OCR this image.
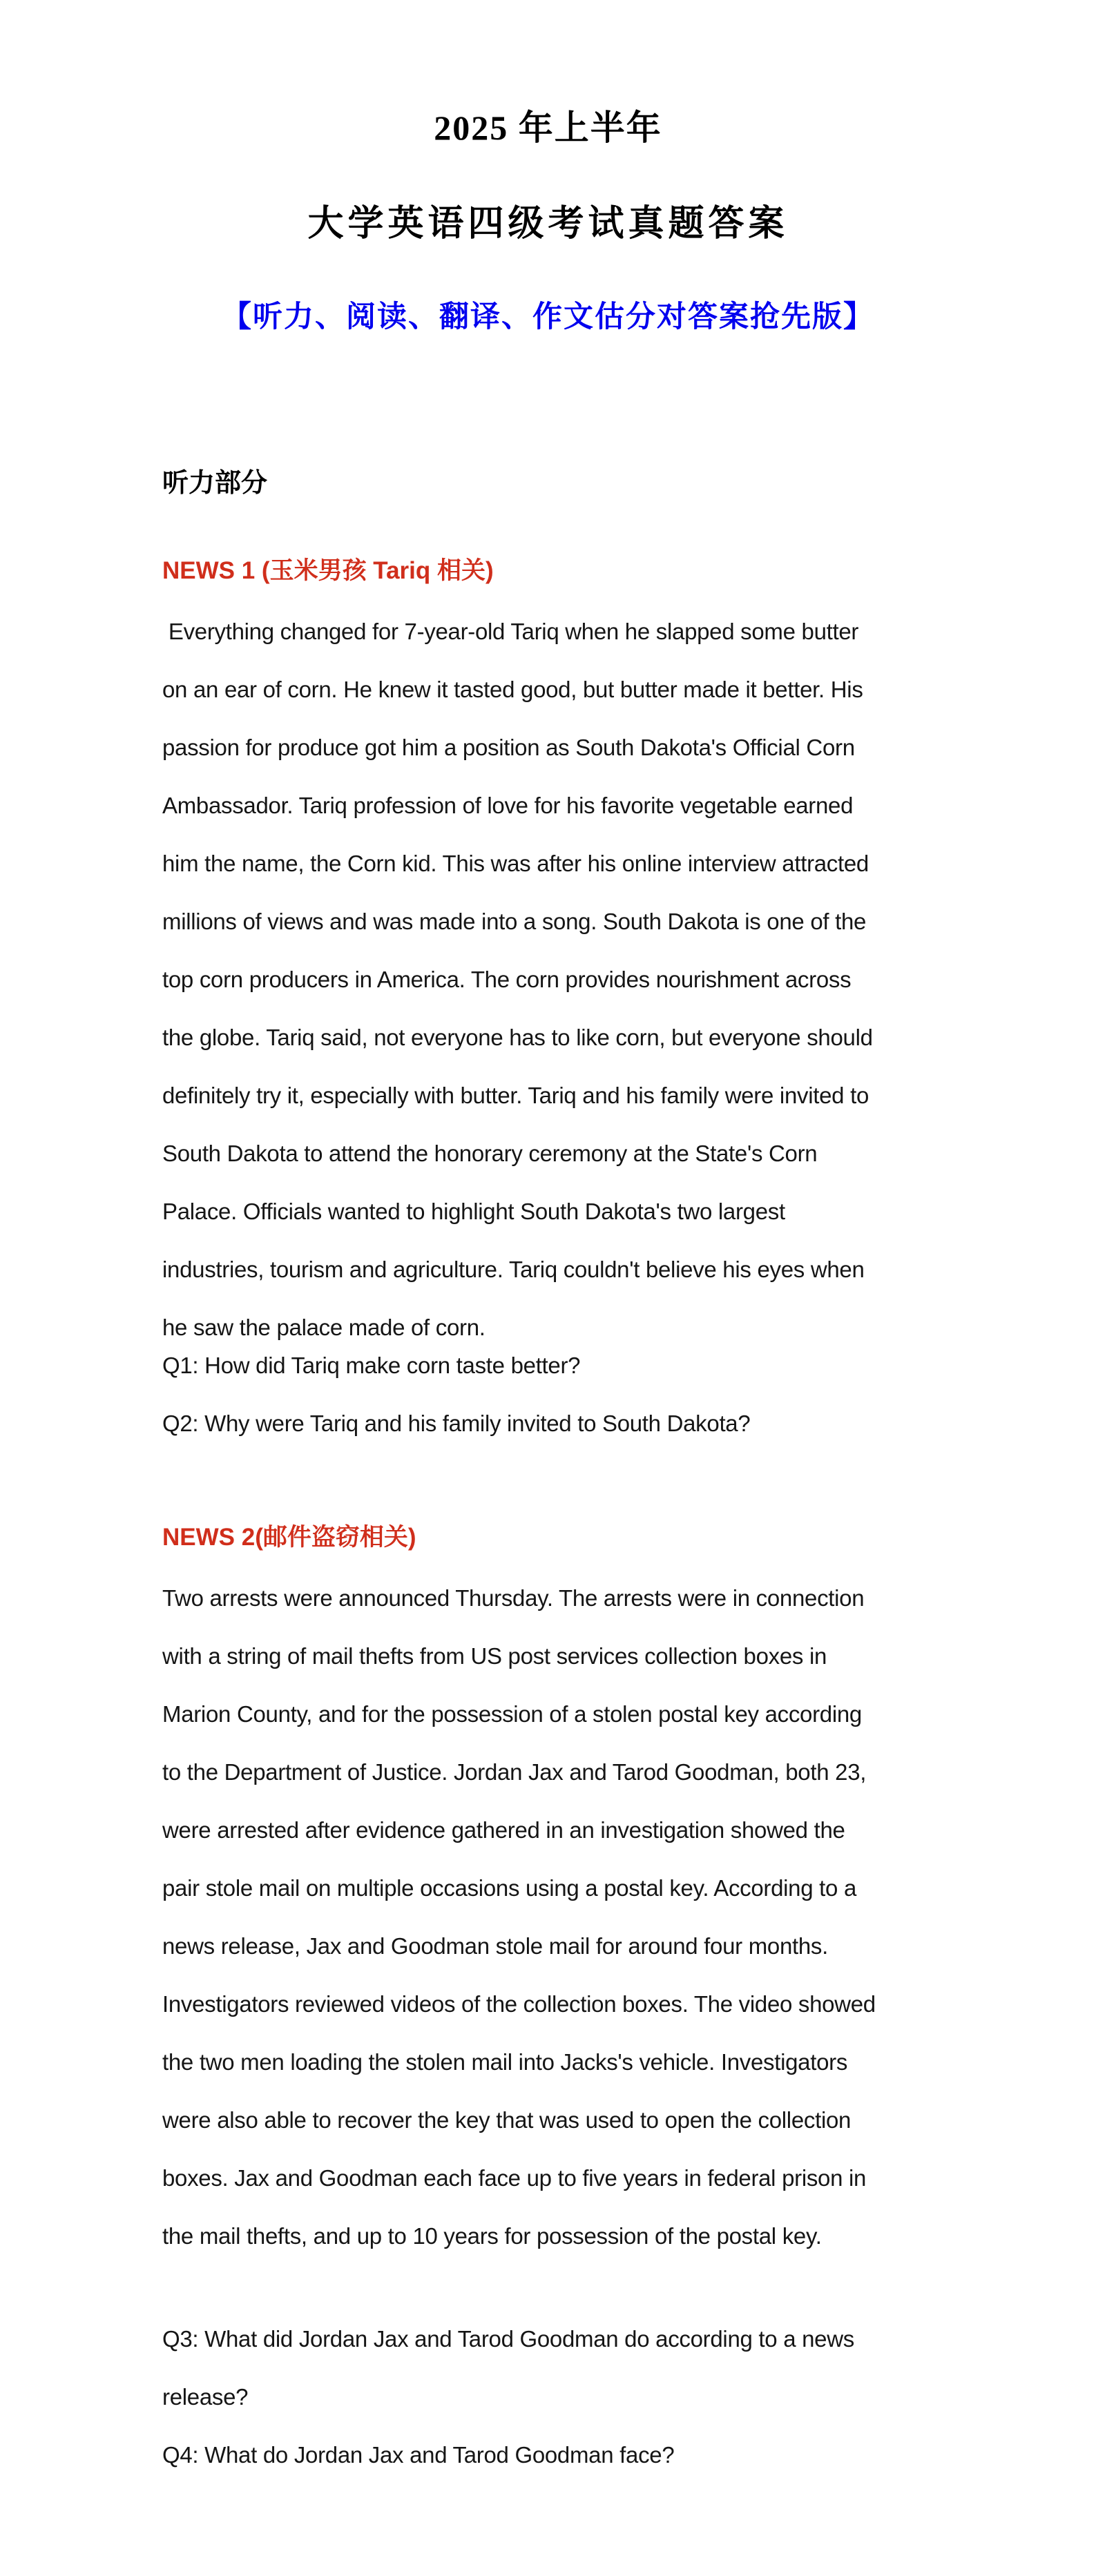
2025 年上半年
大学英语四级考试真题答案
【听力、阅读、翻译、作文估分对答案抢先版】
听力部分
NEWS 1 (玉米男孩 Tariq 相关)
Everything changed for 7-year-old Tariq when he slapped some butter
on an ear of corn. He knew it tasted good, but butter made it better. His
passion for produce got him a position as South Dakota's Official Corn
Ambassador. Tariq profession of love for his favorite vegetable earned
him the name, the Corn kid. This was after his online interview attracted
millions of views and was made into a song. South Dakota is one of the
top corn producers in America. The corn provides nourishment across
the globe. Tariq said, not everyone has to like corn, but everyone should
definitely try it, especially with butter. Tariq and his family were invited to
South Dakota to attend the honorary ceremony at the State's Corn
Palace. Officials wanted to highlight South Dakota's two largest
industries, tourism and agriculture. Tariq couldn't believe his eyes when
he saw the palace made of corn.
Q1: How did Tariq make corn taste better?
Q2: Why were Tariq and his family invited to South Dakota?
NEWS 2(邮件盗窃相关)
Two arrests were announced Thursday. The arrests were in connection
with a string of mail thefts from US post services collection boxes in
Marion County, and for the possession of a stolen postal key according
to the Department of Justice. Jordan Jax and Tarod Goodman, both 23,
were arrested after evidence gathered in an investigation showed the
pair stole mail on multiple occasions using a postal key. According to a
news release, Jax and Goodman stole mail for around four months.
Investigators reviewed videos of the collection boxes. The video showed
the two men loading the stolen mail into Jacks's vehicle. Investigators
were also able to recover the key that was used to open the collection
boxes. Jax and Goodman each face up to five years in federal prison in
the mail thefts, and up to 10 years for possession of the postal key.
Q3: What did Jordan Jax and Tarod Goodman do according to a news
release?
Q4: What do Jordan Jax and Tarod Goodman face?
